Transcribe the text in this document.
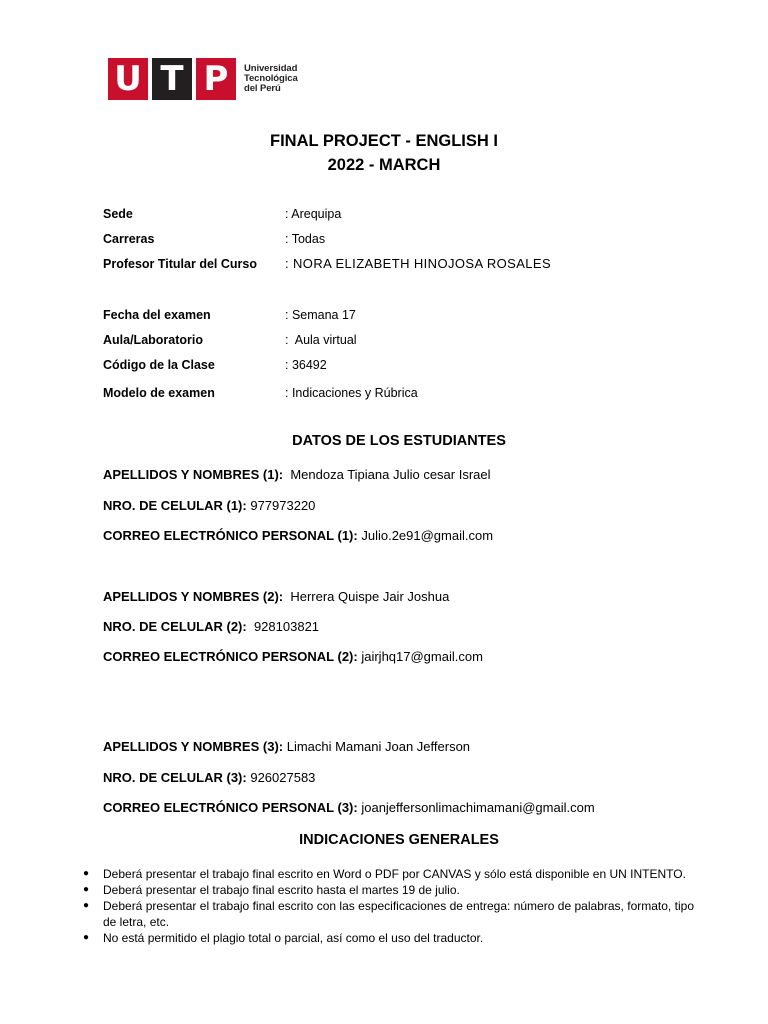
U T P	Universidad
Tecnológica
del Perú
FINAL PROJECT - ENGLISH I
2022 - MARCH
Sede	: Arequipa
Carreras	: Todas
Profesor Titular del Curso : NORA ELIZABETH HINOJOSA ROSALES
Fecha del examen	: Semana 17
Aula/Laboratorio	:  Aula virtual
Código de la Clase	: 36492
Modelo de examen	: Indicaciones y Rúbrica
DATOS DE LOS ESTUDIANTES
APELLIDOS Y NOMBRES (1): Mendoza Tipiana Julio cesar Israel
NRO. DE CELULAR (1): 977973220
CORREO ELECTRÓNICO PERSONAL (1): Julio.2e91@gmail.com
APELLIDOS Y NOMBRES (2): Herrera Quispe Jair Joshua
NRO. DE CELULAR (2): 928103821
CORREO ELECTRÓNICO PERSONAL (2): jairjhq17@gmail.com
APELLIDOS Y NOMBRES (3): Limachi Mamani Joan Jefferson
NRO. DE CELULAR (3): 926027583
CORREO ELECTRÓNICO PERSONAL (3): joanjeffersonlimachimamani@gmail.com
INDICACIONES GENERALES
● Deberá presentar el trabajo final escrito en Word o PDF por CANVAS y sólo está disponible en UN INTENTO.
● Deberá presentar el trabajo final escrito hasta el martes 19 de julio.
● Deberá presentar el trabajo final escrito con las especificaciones de entrega: número de palabras, formato, tipo de letra, etc.
● No está permitido el plagio total o parcial, así como el uso del traductor.
